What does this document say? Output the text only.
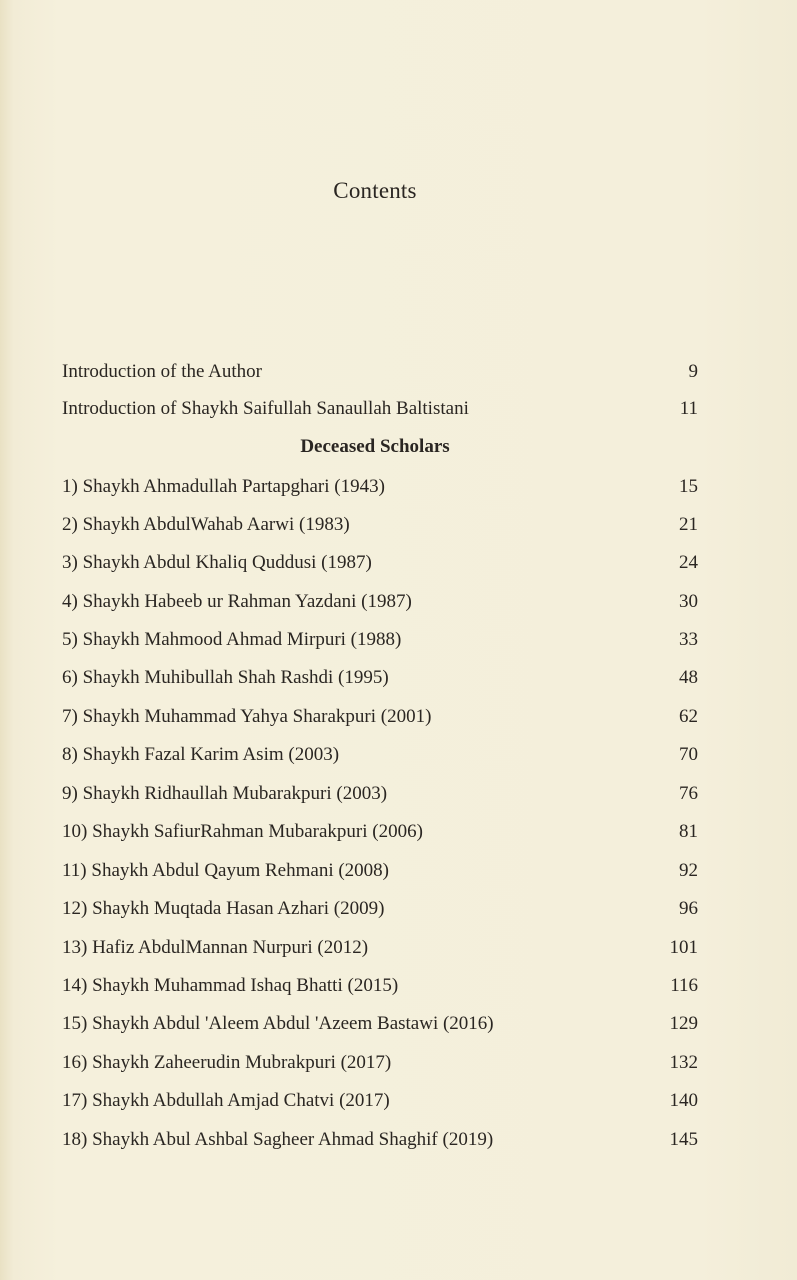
Contents
Introduction of the Author	9
Introduction of Shaykh Saifullah Sanaullah Baltistani	11
Deceased Scholars
1) Shaykh Ahmadullah Partapghari (1943)	15
2) Shaykh AbdulWahab Aarwi (1983)	21
3) Shaykh Abdul Khaliq Quddusi (1987)	24
4) Shaykh Habeeb ur Rahman Yazdani (1987)	30
5) Shaykh Mahmood Ahmad Mirpuri (1988)	33
6) Shaykh Muhibullah Shah Rashdi (1995)	48
7) Shaykh Muhammad Yahya Sharakpuri (2001)	62
8) Shaykh Fazal Karim Asim (2003)	70
9) Shaykh Ridhaullah Mubarakpuri (2003)	76
10) Shaykh SafiurRahman Mubarakpuri (2006)	81
11) Shaykh Abdul Qayum Rehmani (2008)	92
12) Shaykh Muqtada Hasan Azhari (2009)	96
13) Hafiz AbdulMannan Nurpuri (2012)	101
14) Shaykh Muhammad Ishaq Bhatti (2015)	116
15) Shaykh Abdul 'Aleem Abdul 'Azeem Bastawi (2016)	129
16) Shaykh Zaheerudin Mubrakpuri (2017)	132
17) Shaykh Abdullah Amjad Chatvi (2017)	140
18) Shaykh Abul Ashbal Sagheer Ahmad Shaghif (2019)	145
